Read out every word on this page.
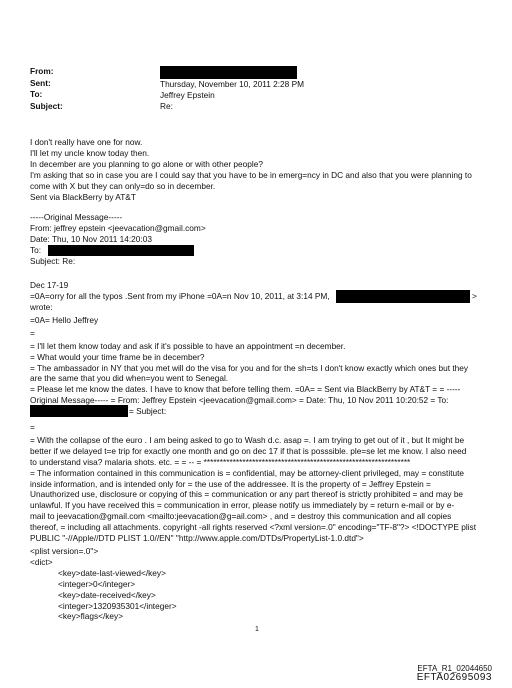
From:
Sent:	Thursday, November 10, 2011 2:28 PM
To:	Jeffrey Epstein
Subject:	Re:
I don't really have one for now.
I'll let my uncle know today then.
In december are you planning to go alone or with other people?
I'm asking that so in case you are I could say that you have to be in emerg=ncy in DC and also that you were planning to
come with X but they can only=do so in december.
Sent via BlackBerry by AT&T
-----Original Message-----
From: jeffrey epstein <jeevacation@gmail.com>
Date: Thu, 10 Nov 2011 14:20:03
To:
Subject: Re:
Dec 17-19
=0A=orry for all the typos .Sent from my iPhone =0A=n Nov 10, 2011, at 3:14 PM,	>
wrote:
=0A= Hello Jeffrey
=
= I'll let them know today and ask if it's possible to have an appointment =n december.
= What would your time frame be in december?
= The ambassador in NY that you met will do the visa for you and for the sh=ts I don't know exactly which ones but they
are the same that you did when=you went to Senegal.
= Please let me know the dates. I have to know that before telling them. =0A= = Sent via BlackBerry by AT&T = = -----
Original Message----- = From: Jeffrey Epstein <jeevacation@gmail.com> = Date: Thu, 10 Nov 2011 10:20:52 = To:
= Subject:
=
= With the collapse of the euro . I am being asked to go to Wash d.c. asap =. I am trying to get out of it , but It might be
better if we delayed t=e trip for exactly one month and go on dec 17 if that is posssible. ple=se let me know. I also need
to understand visa? malaria shots. etc. = = -- = ****************************************************************
= The information contained in this communication is = confidential, may be attorney-client privileged, may = constitute
inside information, and is intended only for = the use of the addressee. It is the property of = Jeffrey Epstein =
Unauthorized use, disclosure or copying of this = communication or any part thereof is strictly prohibited = and may be
unlawful. If you have received this = communication in error, please notify us immediately by = return e-mail or by e-
mail to jeevacation@gmail.com <mailto:jeevacation@g=ail.com> , and = destroy this communication and all copies
thereof, = including all attachments. copyright -all rights reserved <?xml version=.0" encoding="TF-8"?> <!DOCTYPE plist
PUBLIC "-//Apple//DTD PLIST 1.0//EN" "http://www.apple.com/DTDs/PropertyList-1.0.dtd">
<plist version=.0">
<dict>
<key>date-last-viewed</key>
<integer>0</integer>
<key>date-received</key>
<integer>1320935301</integer>
<key>flags</key>
1
EFTA_R1_02044650
EFTA02695093
